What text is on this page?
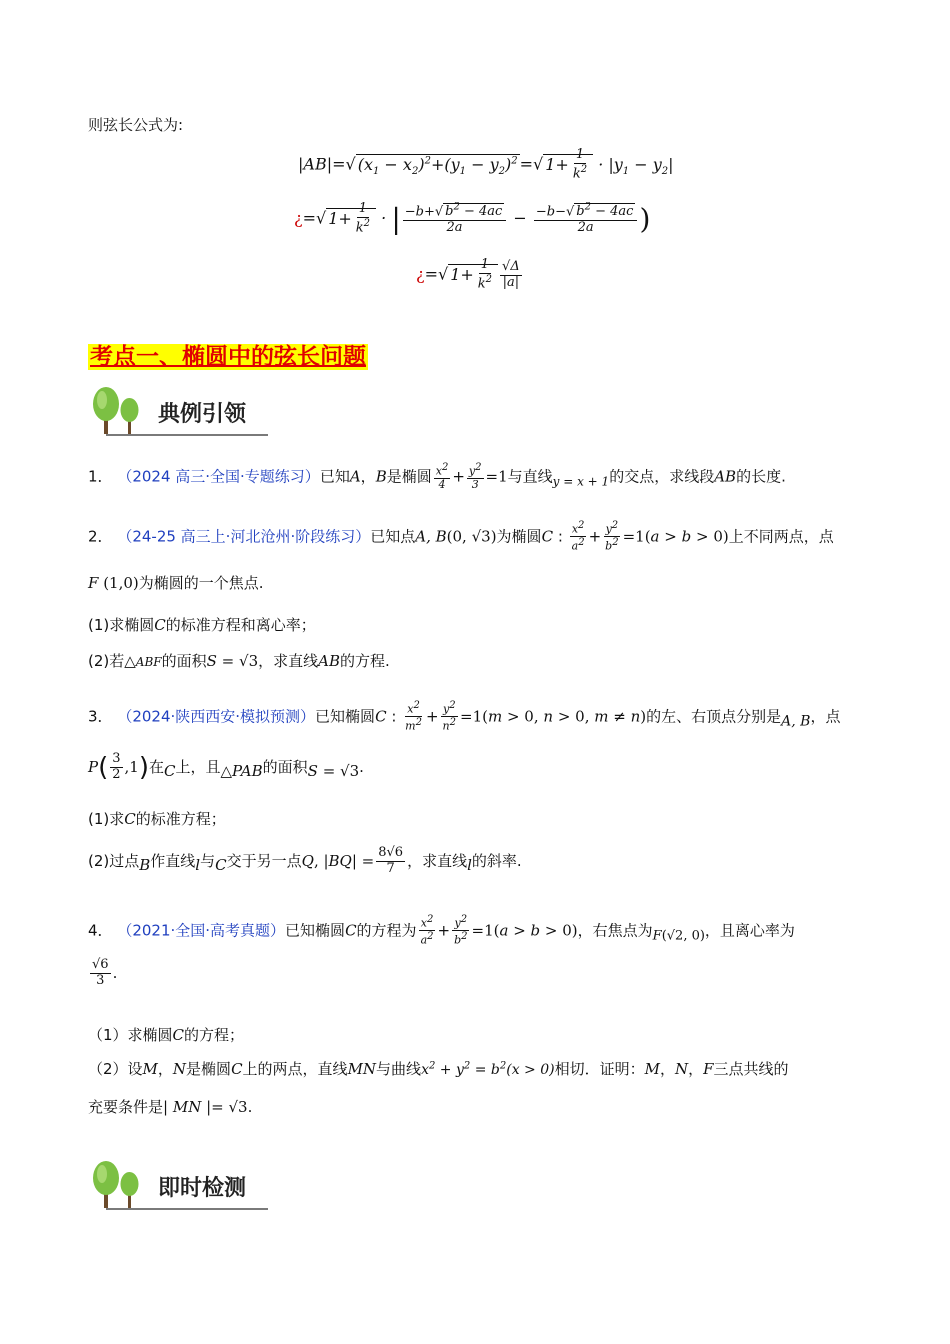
则弦长公式为:
|AB|=√ $(x_1 - x_2)^2+(y_1 - y_2)^2$ =√ $1+ \frac{1}{k^2} \cdot |y_1 - y_2|$
¿=√ $1+ \frac{1}{k^2}$ · | $\frac{-b+√ b^2 - 4ac}{2a} - \frac{-b-√ b^2 - 4ac}{2a}$ )
¿=√ $1+ \frac{1}{k^2} \frac{√\Delta}{|a|}$
考点一、椭圆中的弦长问题
典例引领
1． （2024 高三·全国·专题练习）已知A，B是椭圆 $\frac{x2}{4} + \frac{y2}{3} =1$与直线$_{y = x + 1}$的交点，求线段AB的长度.
2． （24-25 高三上·河北沧州·阶段练习）已知点A, B(0, √3)为椭圆C : $\frac{x2}{a2} + \frac{y2}{b2} =1(a > b > 0)$上不同两点，点
F (1,0)为椭圆的一个焦点.
(1)求椭圆C的标准方程和离心率；
(2)若△ABF的面积S = √3，求直线AB的方程.
3． （2024·陕西西安·模拟预测）已知椭圆C : $\frac{x2}{m2} + \frac{y2}{n2} =1(m > 0$, n > 0, m ≠ n)的左、右顶点分别是A, B，点
$P( \frac{3}{2} ,1)$在C上，且△PAB的面积S = √3.
(1)求C的标准方程；
(2)过点B作直线l与C交于另一点Q, $|BQ| = \frac{8√6}{7}$ ，求直线l的斜率.
4． （2021·全国·高考真题）已知椭圆C的方程为 $\frac{x2}{a2} + \frac{y2}{b2} =1(a > b > 0)$，右焦点为F(√2, 0)，且离心率为
$\frac{√6}{3}$ .
（1）求椭圆C的方程；
（2）设M，N是椭圆C上的两点，直线MN与曲线$x^2 + y^2 = b^2(x > 0)$相切．证明：M，N，F三点共线的
充要条件是| MN |= √3.
即时检测
